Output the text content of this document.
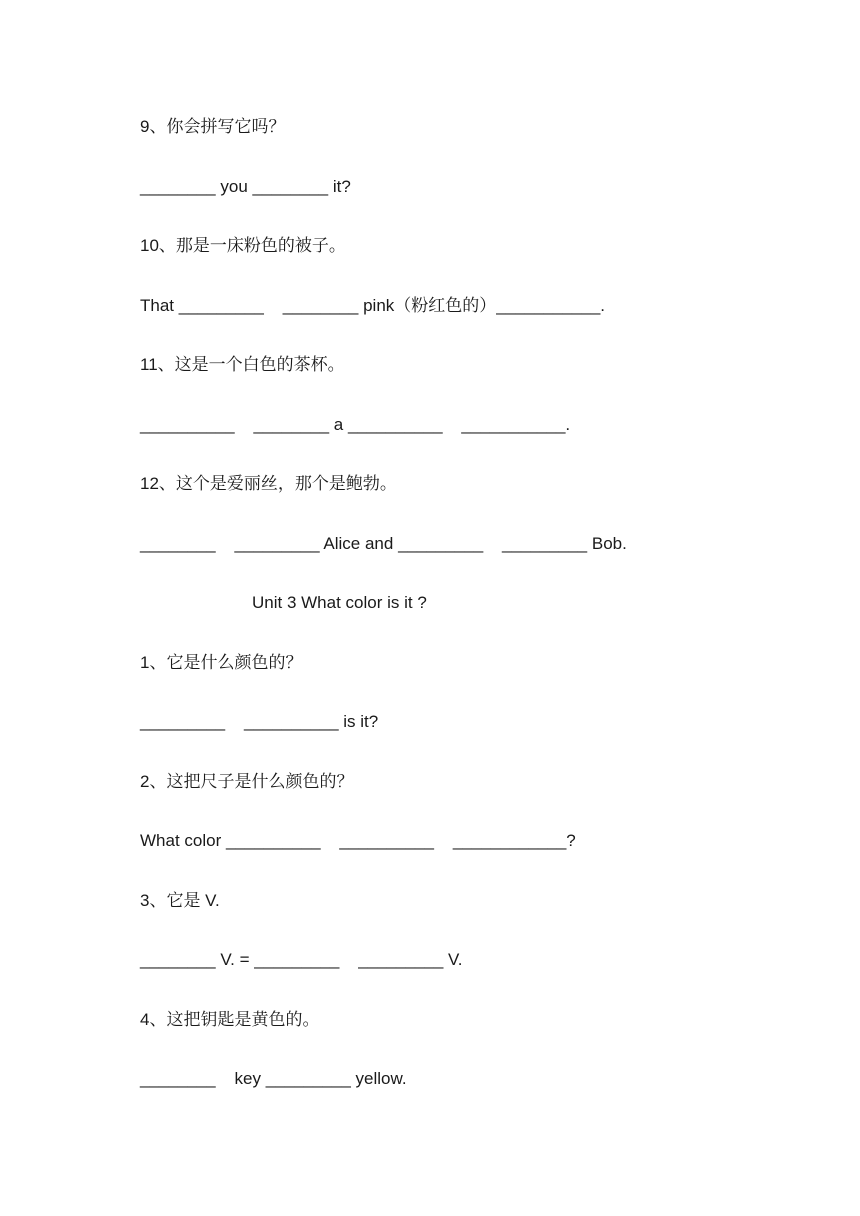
9、你会拼写它吗？
________ you ________ it?
10、那是一床粉色的被子。
That _________    ________ pink（粉红色的）___________.
11、这是一个白色的茶杯。
__________    ________ a __________    ___________.
12、这个是爱丽丝，那个是鲍勃。
________    _________ Alice and _________    _________ Bob.
Unit 3 What color is it ?
1、它是什么颜色的？
_________    __________ is it?
2、这把尺子是什么颜色的？
What color __________    __________    ____________?
3、它是 V.
________ V. = _________    _________ V.
4、这把钥匙是黄色的。
________    key _________ yellow.
